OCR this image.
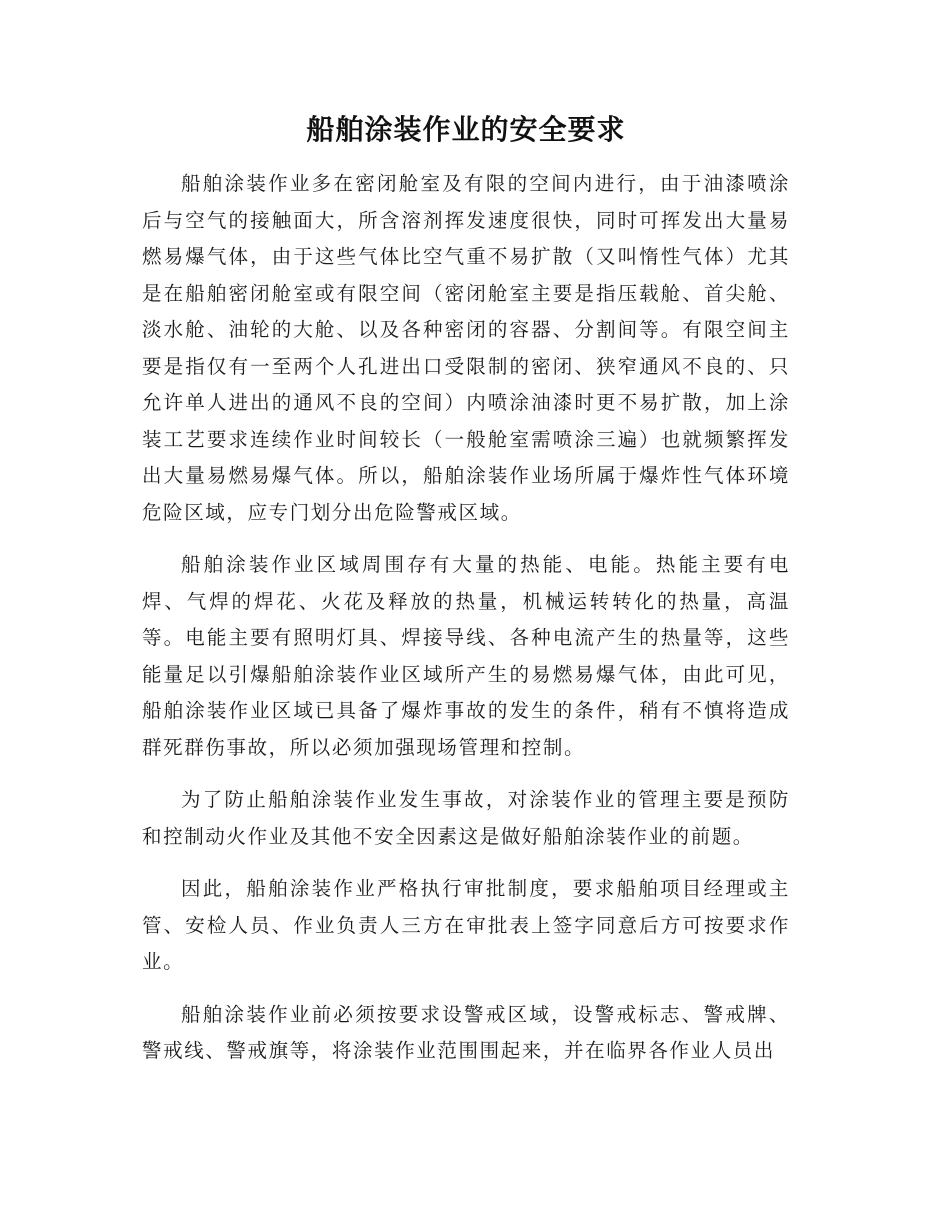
船舶涂装作业的安全要求

船舶涂装作业多在密闭舱室及有限的空间内进行，由于油漆喷涂后与空气的接触面大，所含溶剂挥发速度很快，同时可挥发出大量易燃易爆气体，由于这些气体比空气重不易扩散（又叫惰性气体）尤其是在船舶密闭舱室或有限空间（密闭舱室主要是指压载舱、首尖舱、淡水舱、油轮的大舱、以及各种密闭的容器、分割间等。有限空间主要是指仅有一至两个人孔进出口受限制的密闭、狭窄通风不良的、只允许单人进出的通风不良的空间）内喷涂油漆时更不易扩散，加上涂装工艺要求连续作业时间较长（一般舱室需喷涂三遍）也就频繁挥发出大量易燃易爆气体。所以，船舶涂装作业场所属于爆炸性气体环境危险区域，应专门划分出危险警戒区域。

船舶涂装作业区域周围存有大量的热能、电能。热能主要有电焊、气焊的焊花、火花及释放的热量，机械运转转化的热量，高温等。电能主要有照明灯具、焊接导线、各种电流产生的热量等，这些能量足以引爆船舶涂装作业区域所产生的易燃易爆气体，由此可见，船舶涂装作业区域已具备了爆炸事故的发生的条件，稍有不慎将造成群死群伤事故，所以必须加强现场管理和控制。

为了防止船舶涂装作业发生事故，对涂装作业的管理主要是预防和控制动火作业及其他不安全因素这是做好船舶涂装作业的前题。

因此，船舶涂装作业严格执行审批制度，要求船舶项目经理或主管、安检人员、作业负责人三方在审批表上签字同意后方可按要求作业。

船舶涂装作业前必须按要求设警戒区域，设警戒标志、警戒牌、警戒线、警戒旗等，将涂装作业范围围起来，并在临界各作业人员出
